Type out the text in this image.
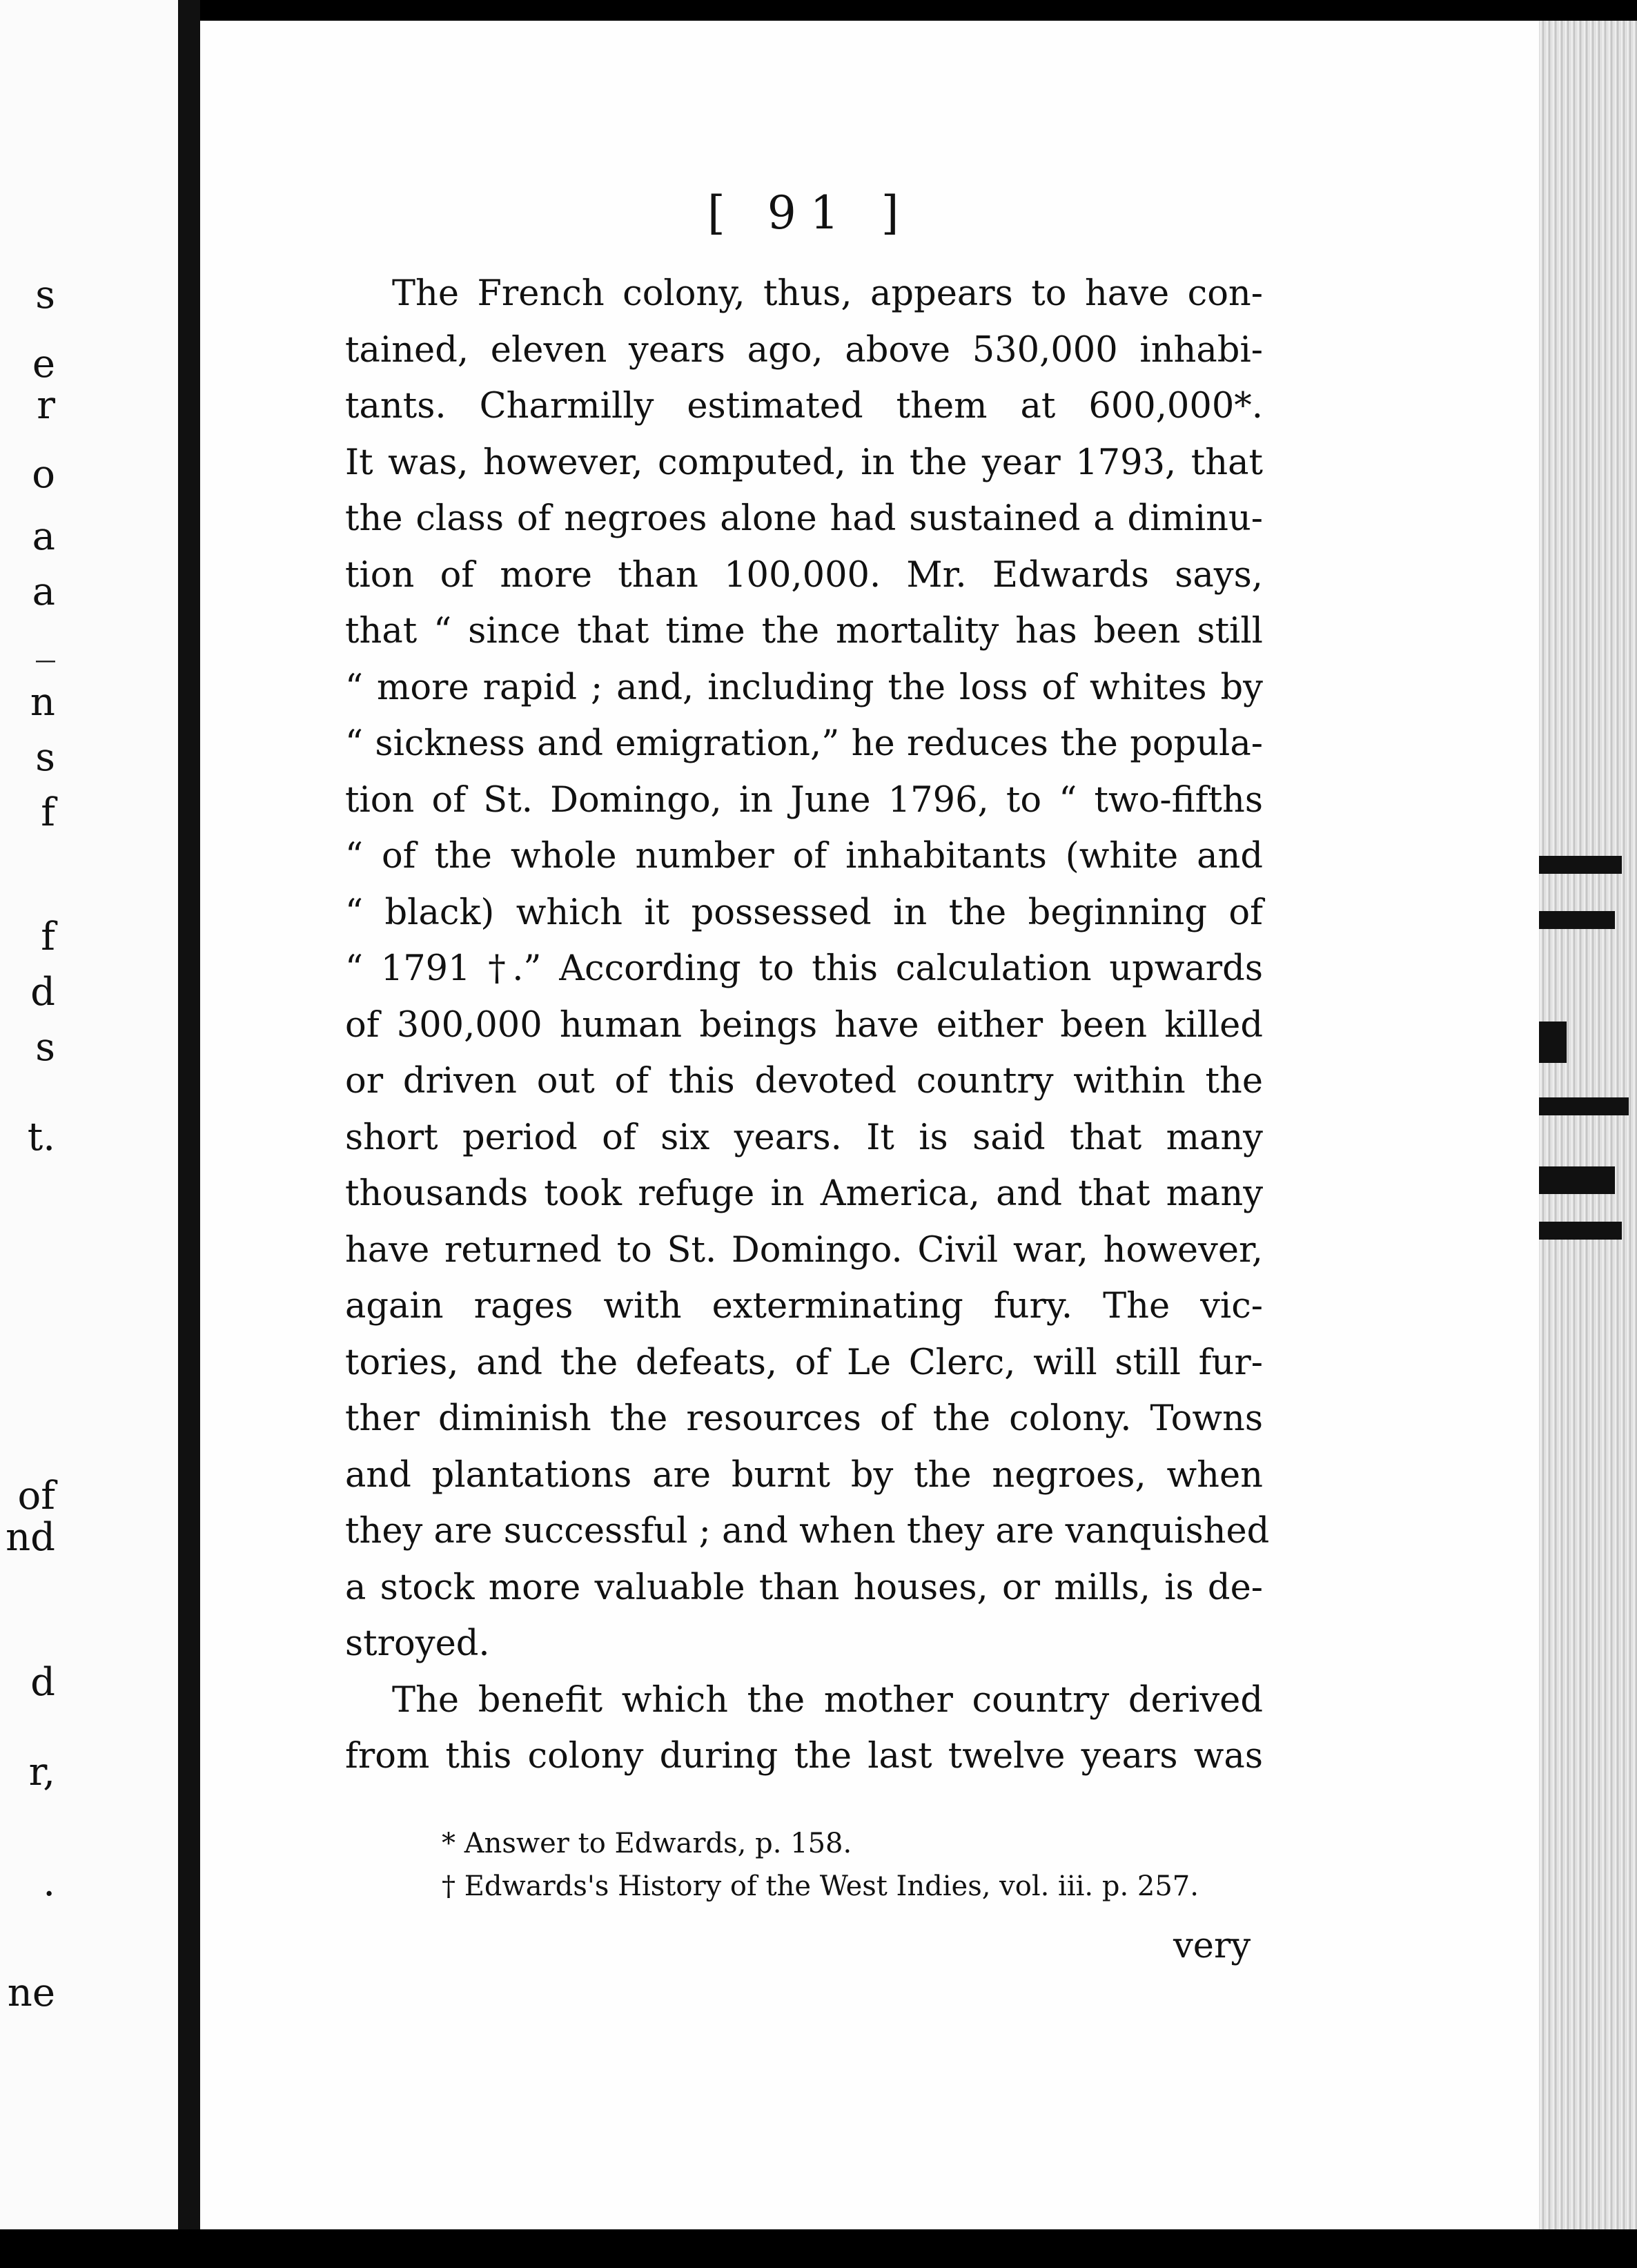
s
e
r
o
a
a
_
n
s
f
f
d
s
t.
of
nd
d
r,
.
ne
[ 91 ]
The French colony, thus, appears to have con-
tained, eleven years ago, above 530,000 inhabi-
tants. Charmilly estimated them at 600,000*.
It was, however, computed, in the year 1793, that
the class of negroes alone had sustained a diminu-
tion of more than 100,000. Mr. Edwards says,
that “ since that time the mortality has been still
“ more rapid ; and, including the loss of whites by
“ sickness and emigration,” he reduces the popula-
tion of St. Domingo, in June 1796, to “ two-fifths
“ of the whole number of inhabitants (white and
“ black) which it possessed in the beginning of
“ 1791 †.” According to this calculation upwards
of 300,000 human beings have either been killed
or driven out of this devoted country within the
short period of six years. It is said that many
thousands took refuge in America, and that many
have returned to St. Domingo. Civil war, however,
again rages with exterminating fury. The vic-
tories, and the defeats, of Le Clerc, will still fur-
ther diminish the resources of the colony. Towns
and plantations are burnt by the negroes, when
they are successful ; and when they are vanquished
a stock more valuable than houses, or mills, is de-
stroyed.
The benefit which the mother country derived
from this colony during the last twelve years was
* Answer to Edwards, p. 158.
† Edwards's History of the West Indies, vol. iii. p. 257.
very
